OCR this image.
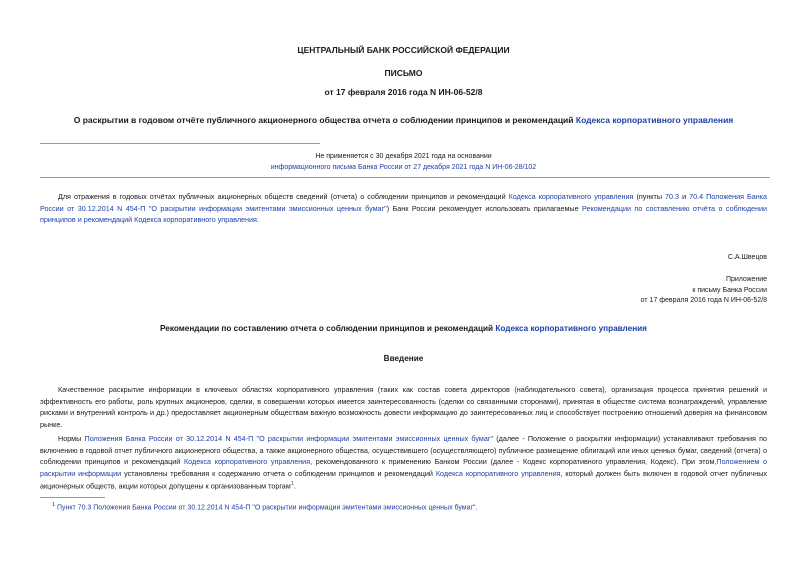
ЦЕНТРАЛЬНЫЙ БАНК РОССИЙСКОЙ ФЕДЕРАЦИИ
ПИСЬМО
от 17 февраля 2016 года N ИН-06-52/8
О раскрытии в годовом отчёте публичного акционерного общества отчета о соблюдении принципов и рекомендаций Кодекса корпоративного управления
Не применяется с 30 декабря 2021 года на основании
информационного письма Банка России от 27 декабря 2021 года N ИН-06-28/102

Для отражения в годовых отчётах публичных акционерных обществ сведений (отчета) о соблюдении принципов и рекомендаций Кодекса корпоративного управления (пункты 70.3 и 70.4 Положения Банка России от 30.12.2014 N 454-П "О раскрытии информации эмитентами эмиссионных ценных бумаг") Банк России рекомендует использовать прилагаемые Рекомендации по составлению отчёта о соблюдении принципов и рекомендаций Кодекса корпоративного управления.

С.А.Швецов
Приложение
к письму Банка России
от 17 февраля 2016 года N ИН-06-52/8
Рекомендации по составлению отчета о соблюдении принципов и рекомендаций Кодекса корпоративного управления
Введение

Качественное раскрытие информации в ключевых областях корпоративного управления (таких как состав совета директоров (наблюдательного совета), организация процесса принятия решений и эффективность его работы, роль крупных акционеров, сделки, в совершении которых имеется заинтересованность (сделки со связанными сторонами), принятая в обществе система вознаграждений, управление рисками и внутренний контроль и др.) предоставляет акционерным обществам важную возможность довести информацию до заинтересованных лиц и способствует построению отношений доверия на финансовом рынке.

Нормы Положения Банка России от 30.12.2014 N 454-П "О раскрытии информации эмитентами эмиссионных ценных бумаг" (далее - Положение о раскрытии информации) устанавливают требования по включению в годовой отчет публичного акционерного общества, а также акционерного общества, осуществившего (осуществляющего) публичное размещение облигаций или иных ценных бумаг, сведений (отчета) о соблюдении принципов и рекомендаций Кодекса корпоративного управления, рекомендованного к применению Банком России (далее - Кодекс корпоративного управления, Кодекс). При этом,Положением о раскрытии информации установлены требования к содержанию отчета о соблюдении принципов и рекомендаций Кодекса корпоративного управления, который должен быть включен в годовой отчет публичных акционерных обществ, акции которых допущены к организованным торгам$^1$.

$^1$ Пункт 70.3 Положения Банка России от 30.12.2014 N 454-П "О раскрытии информации эмитентами эмиссионных ценных бумаг".
